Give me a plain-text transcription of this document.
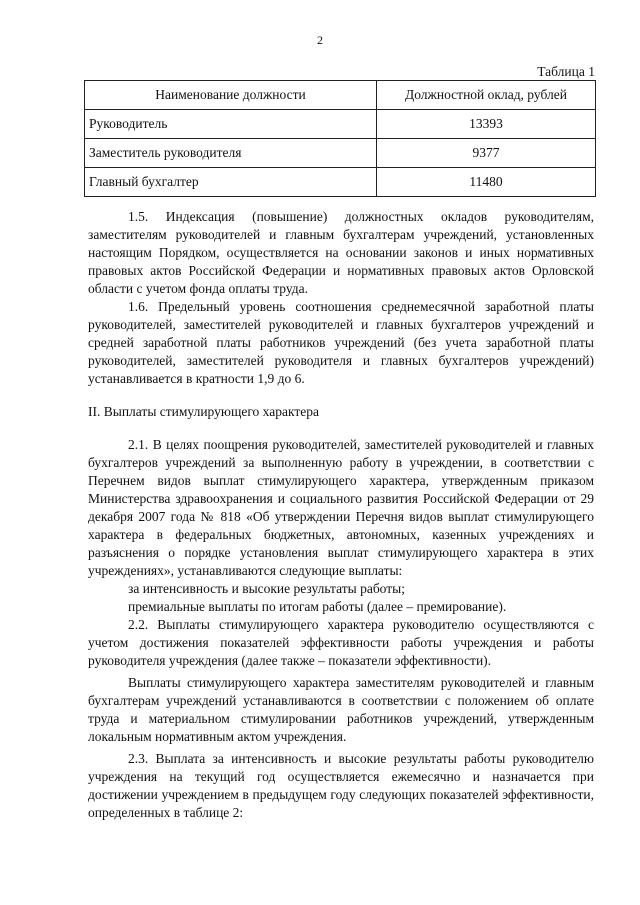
2
Таблица 1
Наименование должности	Должностной оклад, рублей
Руководитель	13393
Заместитель руководителя	9377
Главный бухгалтер	11480

1.5. Индексация (повышение) должностных окладов руководителям, заместителям руководителей и главным бухгалтерам учреждений, установленных настоящим Порядком, осуществляется на основании законов и иных нормативных правовых актов Российской Федерации и нормативных правовых актов Орловской области с учетом фонда оплаты труда.

1.6. Предельный уровень соотношения среднемесячной заработной платы руководителей, заместителей руководителей и главных бухгалтеров учреждений и средней заработной платы работников учреждений (без учета заработной платы руководителей, заместителей руководителя и главных бухгалтеров учреждений) устанавливается в кратности 1,9 до 6.

II. Выплаты стимулирующего характера

2.1. В целях поощрения руководителей, заместителей руководителей и главных бухгалтеров учреждений за выполненную работу в учреждении, в соответствии с Перечнем видов выплат стимулирующего характера, утвержденным приказом Министерства здравоохранения и социального развития Российской Федерации от 29 декабря 2007 года № 818 «Об утверждении Перечня видов выплат стимулирующего характера в федеральных бюджетных, автономных, казенных учреждениях и разъяснения о порядке установления выплат стимулирующего характера в этих учреждениях», устанавливаются следующие выплаты:

за интенсивность и высокие результаты работы;

премиальные выплаты по итогам работы (далее – премирование).

2.2. Выплаты стимулирующего характера руководителю осуществляются с учетом достижения показателей эффективности работы учреждения и работы руководителя учреждения (далее также – показатели эффективности).

Выплаты стимулирующего характера заместителям руководителей и главным бухгалтерам учреждений устанавливаются в соответствии с положением об оплате труда и материальном стимулировании работников учреждений, утвержденным локальным нормативным актом учреждения.

2.3. Выплата за интенсивность и высокие результаты работы руководителю учреждения на текущий год осуществляется ежемесячно и назначается при достижении учреждением в предыдущем году следующих показателей эффективности, определенных в таблице 2:
